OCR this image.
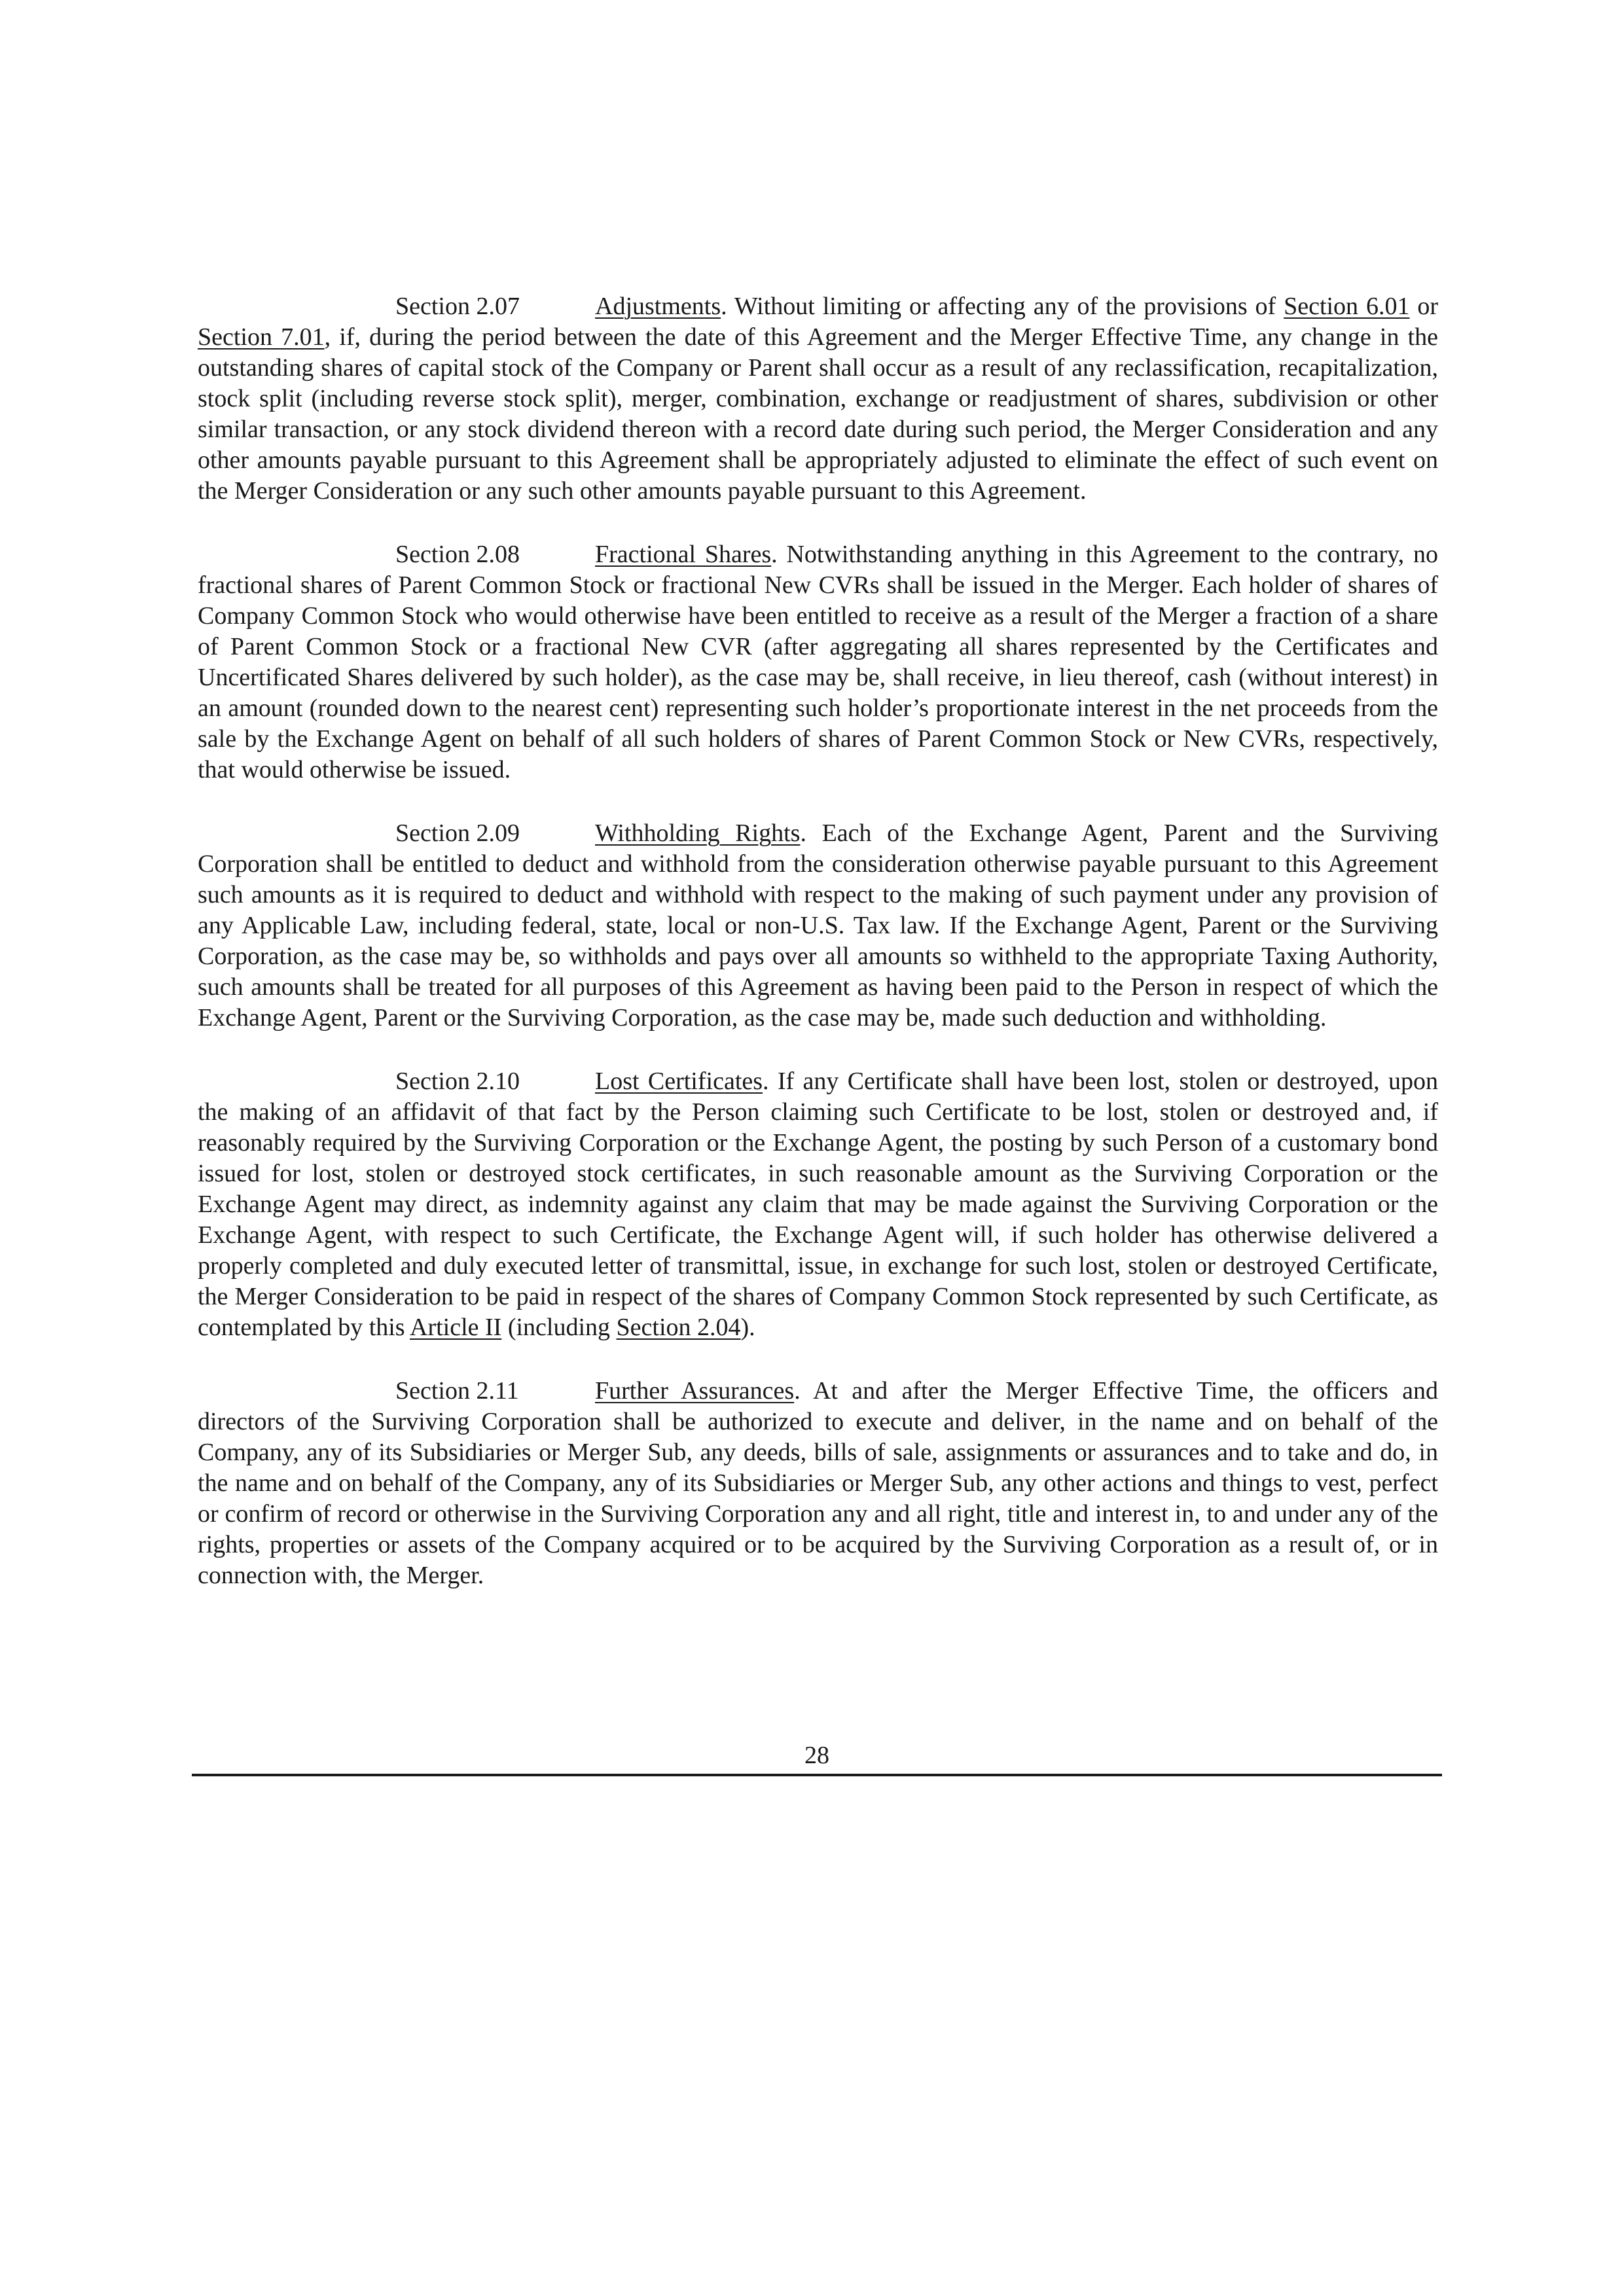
Section 2.07	Adjustments. Without limiting or affecting any of the provisions of Section 6.01 or Section 7.01, if, during the period between the date of this Agreement and the Merger Effective Time, any change in the outstanding shares of capital stock of the Company or Parent shall occur as a result of any reclassification, recapitalization, stock split (including reverse stock split), merger, combination, exchange or readjustment of shares, subdivision or other similar transaction, or any stock dividend thereon with a record date during such period, the Merger Consideration and any other amounts payable pursuant to this Agreement shall be appropriately adjusted to eliminate the effect of such event on the Merger Consideration or any such other amounts payable pursuant to this Agreement.

Section 2.08	Fractional Shares. Notwithstanding anything in this Agreement to the contrary, no fractional shares of Parent Common Stock or fractional New CVRs shall be issued in the Merger. Each holder of shares of Company Common Stock who would otherwise have been entitled to receive as a result of the Merger a fraction of a share of Parent Common Stock or a fractional New CVR (after aggregating all shares represented by the Certificates and Uncertificated Shares delivered by such holder), as the case may be, shall receive, in lieu thereof, cash (without interest) in an amount (rounded down to the nearest cent) representing such holder’s proportionate interest in the net proceeds from the sale by the Exchange Agent on behalf of all such holders of shares of Parent Common Stock or New CVRs, respectively, that would otherwise be issued.

Section 2.09	Withholding Rights. Each of the Exchange Agent, Parent and the Surviving Corporation shall be entitled to deduct and withhold from the consideration otherwise payable pursuant to this Agreement such amounts as it is required to deduct and withhold with respect to the making of such payment under any provision of any Applicable Law, including federal, state, local or non-U.S. Tax law. If the Exchange Agent, Parent or the Surviving Corporation, as the case may be, so withholds and pays over all amounts so withheld to the appropriate Taxing Authority, such amounts shall be treated for all purposes of this Agreement as having been paid to the Person in respect of which the Exchange Agent, Parent or the Surviving Corporation, as the case may be, made such deduction and withholding.

Section 2.10	Lost Certificates. If any Certificate shall have been lost, stolen or destroyed, upon the making of an affidavit of that fact by the Person claiming such Certificate to be lost, stolen or destroyed and, if reasonably required by the Surviving Corporation or the Exchange Agent, the posting by such Person of a customary bond issued for lost, stolen or destroyed stock certificates, in such reasonable amount as the Surviving Corporation or the Exchange Agent may direct, as indemnity against any claim that may be made against the Surviving Corporation or the Exchange Agent, with respect to such Certificate, the Exchange Agent will, if such holder has otherwise delivered a properly completed and duly executed letter of transmittal, issue, in exchange for such lost, stolen or destroyed Certificate, the Merger Consideration to be paid in respect of the shares of Company Common Stock represented by such Certificate, as contemplated by this Article II (including Section 2.04).

Section 2.11	Further Assurances. At and after the Merger Effective Time, the officers and directors of the Surviving Corporation shall be authorized to execute and deliver, in the name and on behalf of the Company, any of its Subsidiaries or Merger Sub, any deeds, bills of sale, assignments or assurances and to take and do, in the name and on behalf of the Company, any of its Subsidiaries or Merger Sub, any other actions and things to vest, perfect or confirm of record or otherwise in the Surviving Corporation any and all right, title and interest in, to and under any of the rights, properties or assets of the Company acquired or to be acquired by the Surviving Corporation as a result of, or in connection with, the Merger.

28
